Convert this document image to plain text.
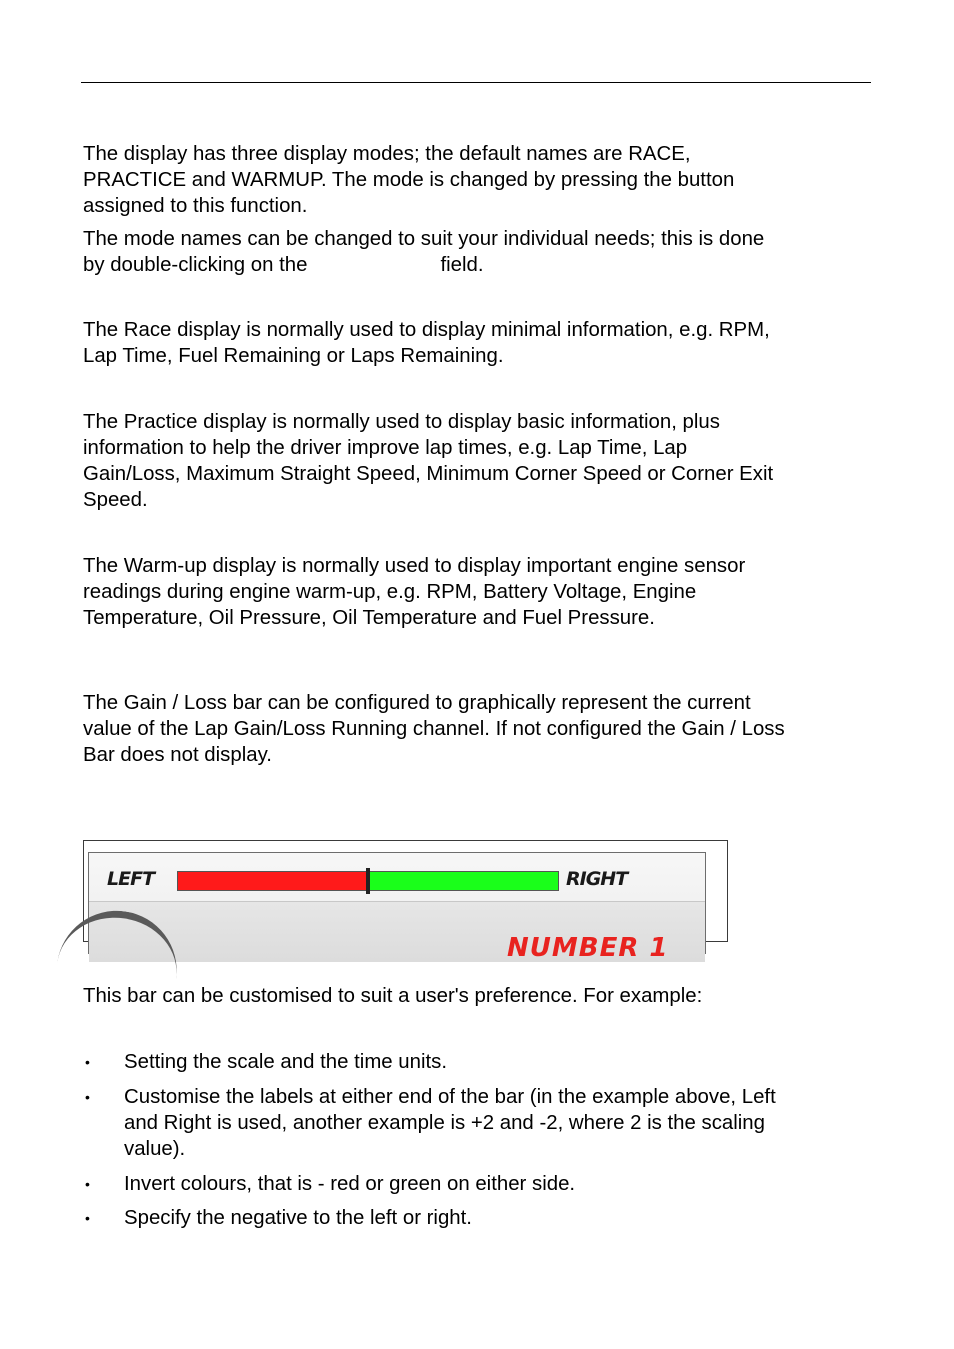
The display has three display modes; the default names are RACE,
PRACTICE and WARMUP. The mode is changed by pressing the button
assigned to this function.

The mode names can be changed to suit your individual needs; this is done
by double-clicking on the	field.

The Race display is normally used to display minimal information, e.g. RPM,
Lap Time, Fuel Remaining or Laps Remaining.

The Practice display is normally used to display basic information, plus
information to help the driver improve lap times, e.g. Lap Time, Lap
Gain/Loss, Maximum Straight Speed, Minimum Corner Speed or Corner Exit
Speed.

The Warm-up display is normally used to display important engine sensor
readings during engine warm-up, e.g. RPM, Battery Voltage, Engine
Temperature, Oil Pressure, Oil Temperature and Fuel Pressure.

The Gain / Loss bar can be configured to graphically represent the current
value of the Lap Gain/Loss Running channel. If not configured the Gain / Loss
Bar does not display.

LEFT	RIGHT
NUMBER 1

This bar can be customised to suit a user's preference. For example:

• Setting the scale and the time units.
• Customise the labels at either end of the bar (in the example above, Left
and Right is used, another example is +2 and -2, where 2 is the scaling
value).
• Invert colours, that is - red or green on either side.
• Specify the negative to the left or right.
